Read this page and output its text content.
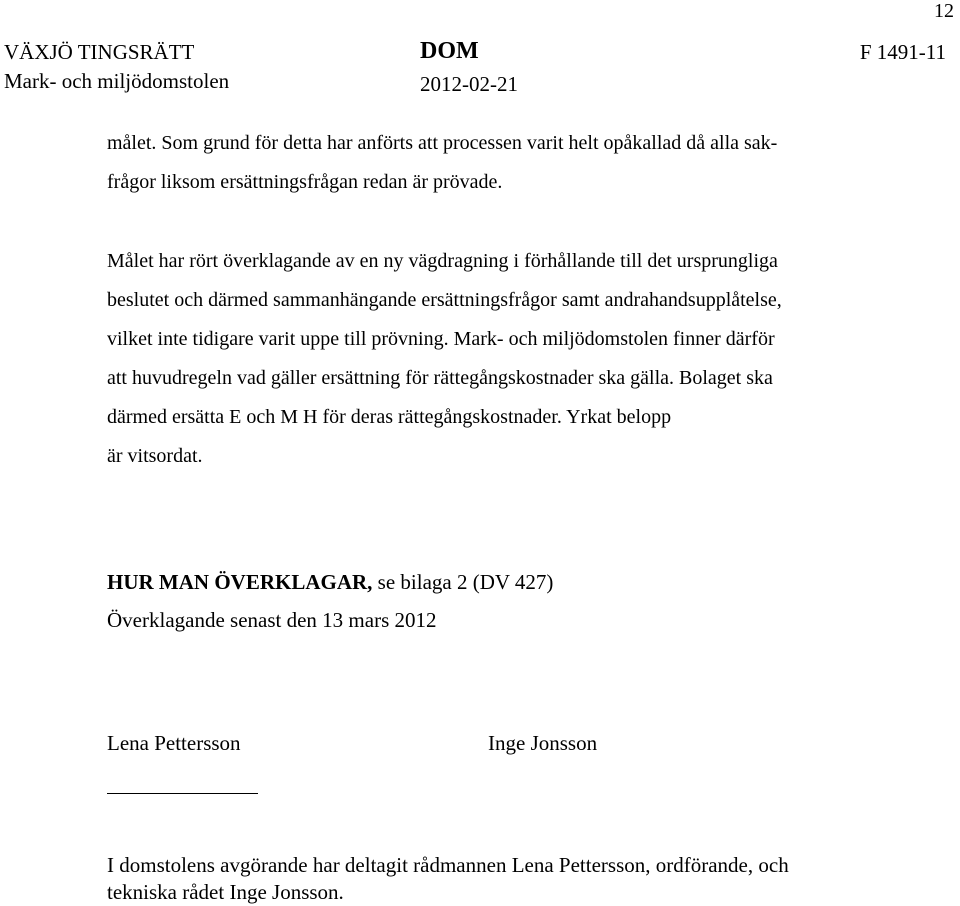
12
VÄXJÖ TINGSRÄTT
Mark- och miljödomstolen
DOM
2012-02-21
F 1491-11
målet. Som grund för detta har anförts att processen varit helt opåkallad då alla sak-
frågor liksom ersättningsfrågan redan är prövade.
Målet har rört överklagande av en ny vägdragning i förhållande till det ursprungliga
beslutet och därmed sammanhängande ersättningsfrågor samt andrahandsupplåtelse,
vilket inte tidigare varit uppe till prövning. Mark- och miljödomstolen finner därför
att huvudregeln vad gäller ersättning för rättegångskostnader ska gälla. Bolaget ska
därmed ersätta E och M H för deras rättegångskostnader. Yrkat belopp
är vitsordat.
HUR MAN ÖVERKLAGAR, se bilaga 2 (DV 427)
Överklagande senast den 13 mars 2012
Lena Pettersson	Inge Jonsson
I domstolens avgörande har deltagit rådmannen Lena Pettersson, ordförande, och
tekniska rådet Inge Jonsson.
